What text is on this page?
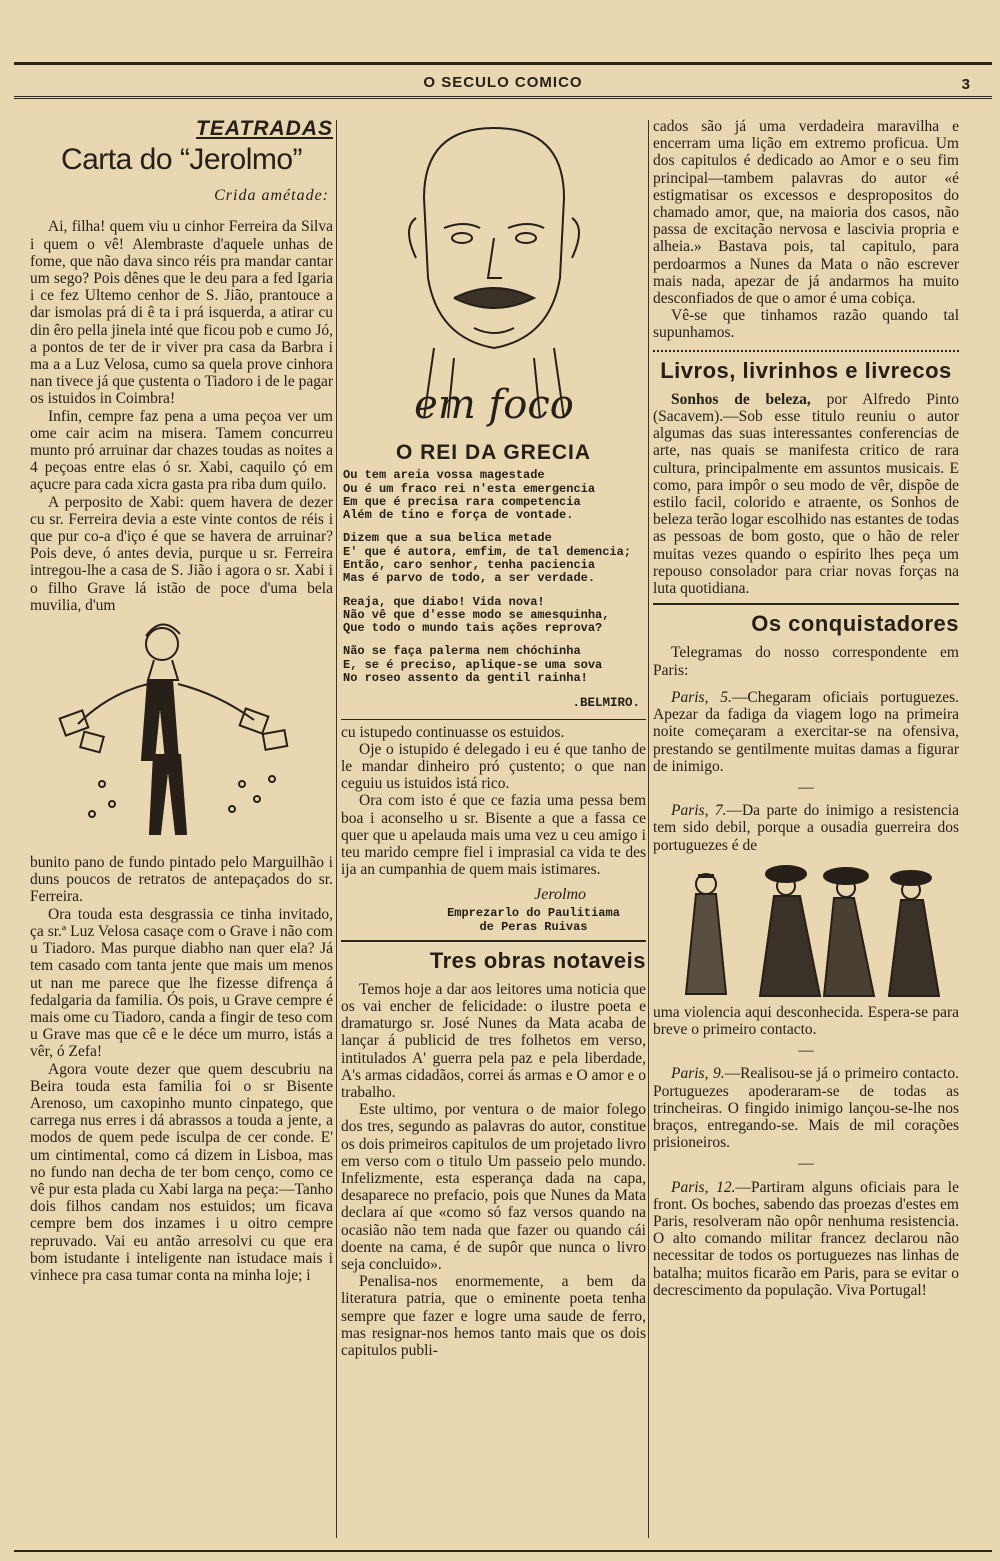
O SECULO COMICO	3
TEATRADAS
Carta do “Jerolmo”
Crida amétade:

Ai, filha! quem viu u cinhor Ferreira da Silva i quem o vê! Alembraste d'aquele unhas de fome, que não dava sinco réis pra mandar cantar um sego? Pois dênes que le deu para a fed Igaria i ce fez Ultemo cenhor de S. Jião, prantouce a dar ismolas prá di ê ta i prá isquerda, a atirar cu din êro pella jinela inté que ficou pob e cumo Jó, a pontos de ter de ir viver pra casa da Barbra i ma a a Luz Velosa, cumo sa quela prove cinhora nan tivece já que çustenta o Tiadoro i de le pagar os istuidos in Coimbra!

Infin, cempre faz pena a uma peçoa ver um ome cair acim na misera. Tamem concurreu munto pró arruinar dar chazes toudas as noites a 4 peçoas entre elas ó sr. Xabi, caquilo çó em açucre para cada xicra gasta pra riba dum quilo.

A perposito de Xabi: quem havera de dezer cu sr. Ferreira devia a este vinte contos de réis i que pur co-a d'iço é que se havera de arruinar? Pois deve, ó antes devia, purque u sr. Ferreira intregou-lhe a casa de S. Jião i agora o sr. Xabi i o filho Grave lá istão de poce d'uma bela muvilia, d'um

bunito pano de fundo pintado pelo Marguilhão i duns poucos de retratos de antepaçados do sr. Ferreira.

Ora touda esta desgrassia ce tinha invitado, ça sr.ª Luz Velosa casaçe com o Grave i não com u Tiadoro. Mas purque diabho nan quer ela? Já tem casado com tanta jente que mais um menos ut nan me parece que lhe fizesse difrença á fedalgaria da familia. Ós pois, u Grave cempre é mais ome cu Tiadoro, canda a fingir de teso com u Grave mas que cê e le déce um murro, istás a vêr, ó Zefa!

Agora voute dezer que quem descubriu na Beira touda esta familia foi o sr Bisente Arenoso, um caxopinho munto cinpatego, que carrega nus erres i dá abrassos a touda a jente, a modos de quem pede isculpa de cer conde. E' um cintimental, como cá dizem in Lisboa, mas no fundo nan decha de ter bom cenço, como ce vê pur esta plada cu Xabi larga na peça:—Tanho dois filhos candam nos estuidos; um ficava cempre bem dos inzames i u oitro cempre repruvado. Vai eu antão arresolvi cu que era bom istudante i inteligente nan istudace mais i vinhece pra casa tumar conta na minha loje; i

em foco
O REI DA GRECIA
Ou tem areia vossa magestade
Ou é um fraco rei n'esta emergencia
Em que é precisa rara competencia
Além de tino e força de vontade.
Dizem que a sua belica metade
E' que é autora, emfim, de tal demencia;
Então, caro senhor, tenha paciencia
Mas é parvo de todo, a ser verdade.
Reaja, que diabo! Vida nova!
Não vê que d'esse modo se amesquinha,
Que todo o mundo tais ações reprova?
Não se faça palerma nem chóchinha
E, se é preciso, aplique-se uma sova
No roseo assento da gentil rainha!
.BELMIRO.

cu istupedo continuasse os estuidos.

Oje o istupido é delegado i eu é que tanho de le mandar dinheiro pró çustento; o que nan ceguiu us istuidos istá rico.

Ora com isto é que ce fazia uma pessa bem boa i aconselho u sr. Bisente a que a fassa ce quer que u apelauda mais uma vez u ceu amigo i teu marido cempre fiel i imprasial ca vida te des ija an cumpanhia de quem mais istimares.

Jerolmo
Emprezarlo do Paulitiama
de Peras Ruivas
Tres obras notaveis

Temos hoje a dar aos leitores uma noticia que os vai encher de felicidade: o ilustre poeta e dramaturgo sr. José Nunes da Mata acaba de lançar á publicid de tres folhetos em verso, intitulados A' guerra pela paz e pela liberdade, A's armas cidadãos, correi ás armas e O amor e o trabalho.

Este ultimo, por ventura o de maior folego dos tres, segundo as palavras do autor, constitue os dois primeiros capitulos de um projetado livro em verso com o titulo Um passeio pelo mundo. Infelizmente, esta esperança dada na capa, desaparece no prefacio, pois que Nunes da Mata declara aí que «como só faz versos quando na ocasião não tem nada que fazer ou quando cái doente na cama, é de supôr que nunca o livro seja concluido».

Penalisa-nos enormemente, a bem da literatura patria, que o eminente poeta tenha sempre que fazer e logre uma saude de ferro, mas resignar-nos hemos tanto mais que os dois capitulos publi-

cados são já uma verdadeira maravilha e encerram uma lição em extremo proficua. Um dos capitulos é dedicado ao Amor e o seu fim principal—tambem palavras do autor «é estigmatisar os excessos e despropositos do chamado amor, que, na maioria dos casos, não passa de excitação nervosa e lascivia propria e alheia.» Bastava pois, tal capitulo, para perdoarmos a Nunes da Mata o não escrever mais nada, apezar de já andarmos ha muito desconfiados de que o amor é uma cobiça.

Vê-se que tinhamos razão quando tal supunhamos.

Livros, livrinhos e livrecos

Sonhos de beleza, por Alfredo Pinto (Sacavem).—Sob esse titulo reuniu o autor algumas das suas interessantes conferencias de arte, nas quais se manifesta critico de rara cultura, principalmente em assuntos musicais. E como, para impôr o seu modo de vêr, dispõe de estilo facil, colorido e atraente, os Sonhos de beleza terão logar escolhido nas estantes de todas as pessoas de bom gosto, que o hão de reler muitas vezes quando o espirito lhes peça um repouso consolador para criar novas forças na luta quotidiana.

Os conquistadores

Telegramas do nosso correspondente em Paris:

Paris, 5.—Chegaram oficiais portuguezes. Apezar da fadiga da viagem logo na primeira noite começaram a exercitar-se na ofensiva, prestando se gentilmente muitas damas a figurar de inimigo.

—

Paris, 7.—Da parte do inimigo a resistencia tem sido debil, porque a ousadia guerreira dos portuguezes é de

uma violencia aqui desconhecida. Espera-se para breve o primeiro contacto.

—

Paris, 9.—Realisou-se já o primeiro contacto. Portuguezes apoderaram-se de todas as trincheiras. O fingido inimigo lançou-se-lhe nos braços, entregando-se. Mais de mil corações prisioneiros.

—

Paris, 12.—Partiram alguns oficiais para le front. Os boches, sabendo das proezas d'estes em Paris, resolveram não opôr nenhuma resistencia. O alto comando militar francez declarou não necessitar de todos os portuguezes nas linhas de batalha; muitos ficarão em Paris, para se evitar o decrescimento da população. Viva Portugal!
